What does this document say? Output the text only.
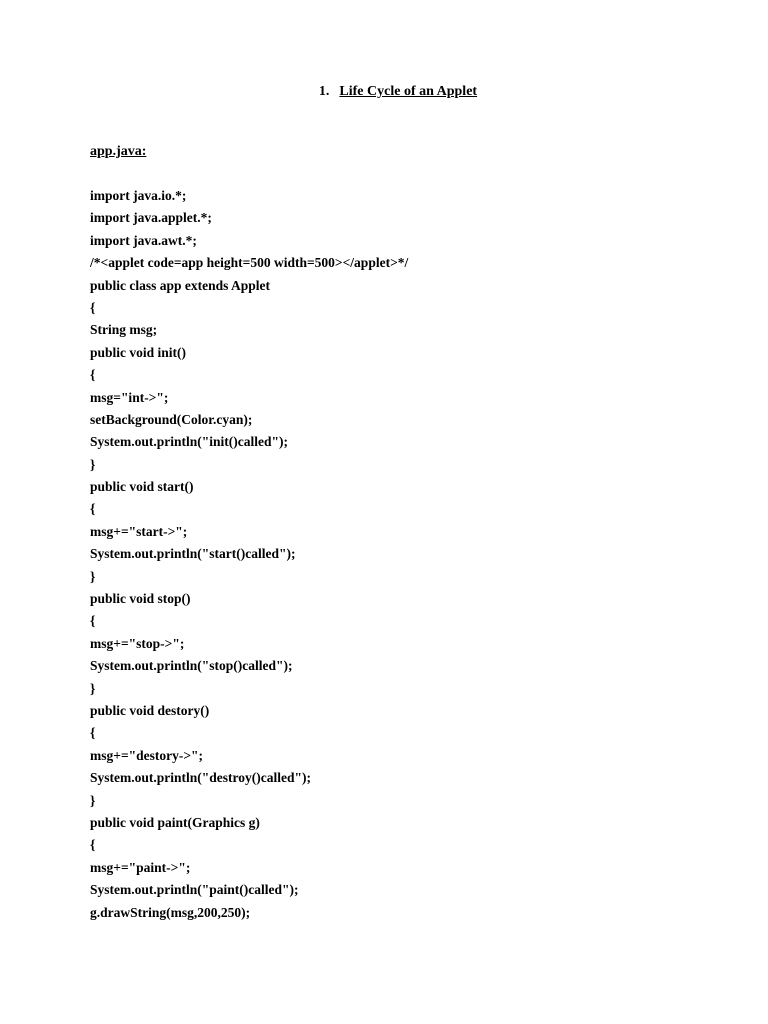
1. Life Cycle of an Applet
app.java:
import java.io.*;
import java.applet.*;
import java.awt.*;
/*<applet code=app height=500 width=500></applet>*/
public class app extends Applet
{
String msg;
public void init()
{
msg="int->";
setBackground(Color.cyan);
System.out.println("init()called");
}
public void start()
{
msg+="start->";
System.out.println("start()called");
}
public void stop()
{
msg+="stop->";
System.out.println("stop()called");
}
public void destory()
{
msg+="destory->";
System.out.println("destroy()called");
}
public void paint(Graphics g)
{
msg+="paint->";
System.out.println("paint()called");
g.drawString(msg,200,250);
